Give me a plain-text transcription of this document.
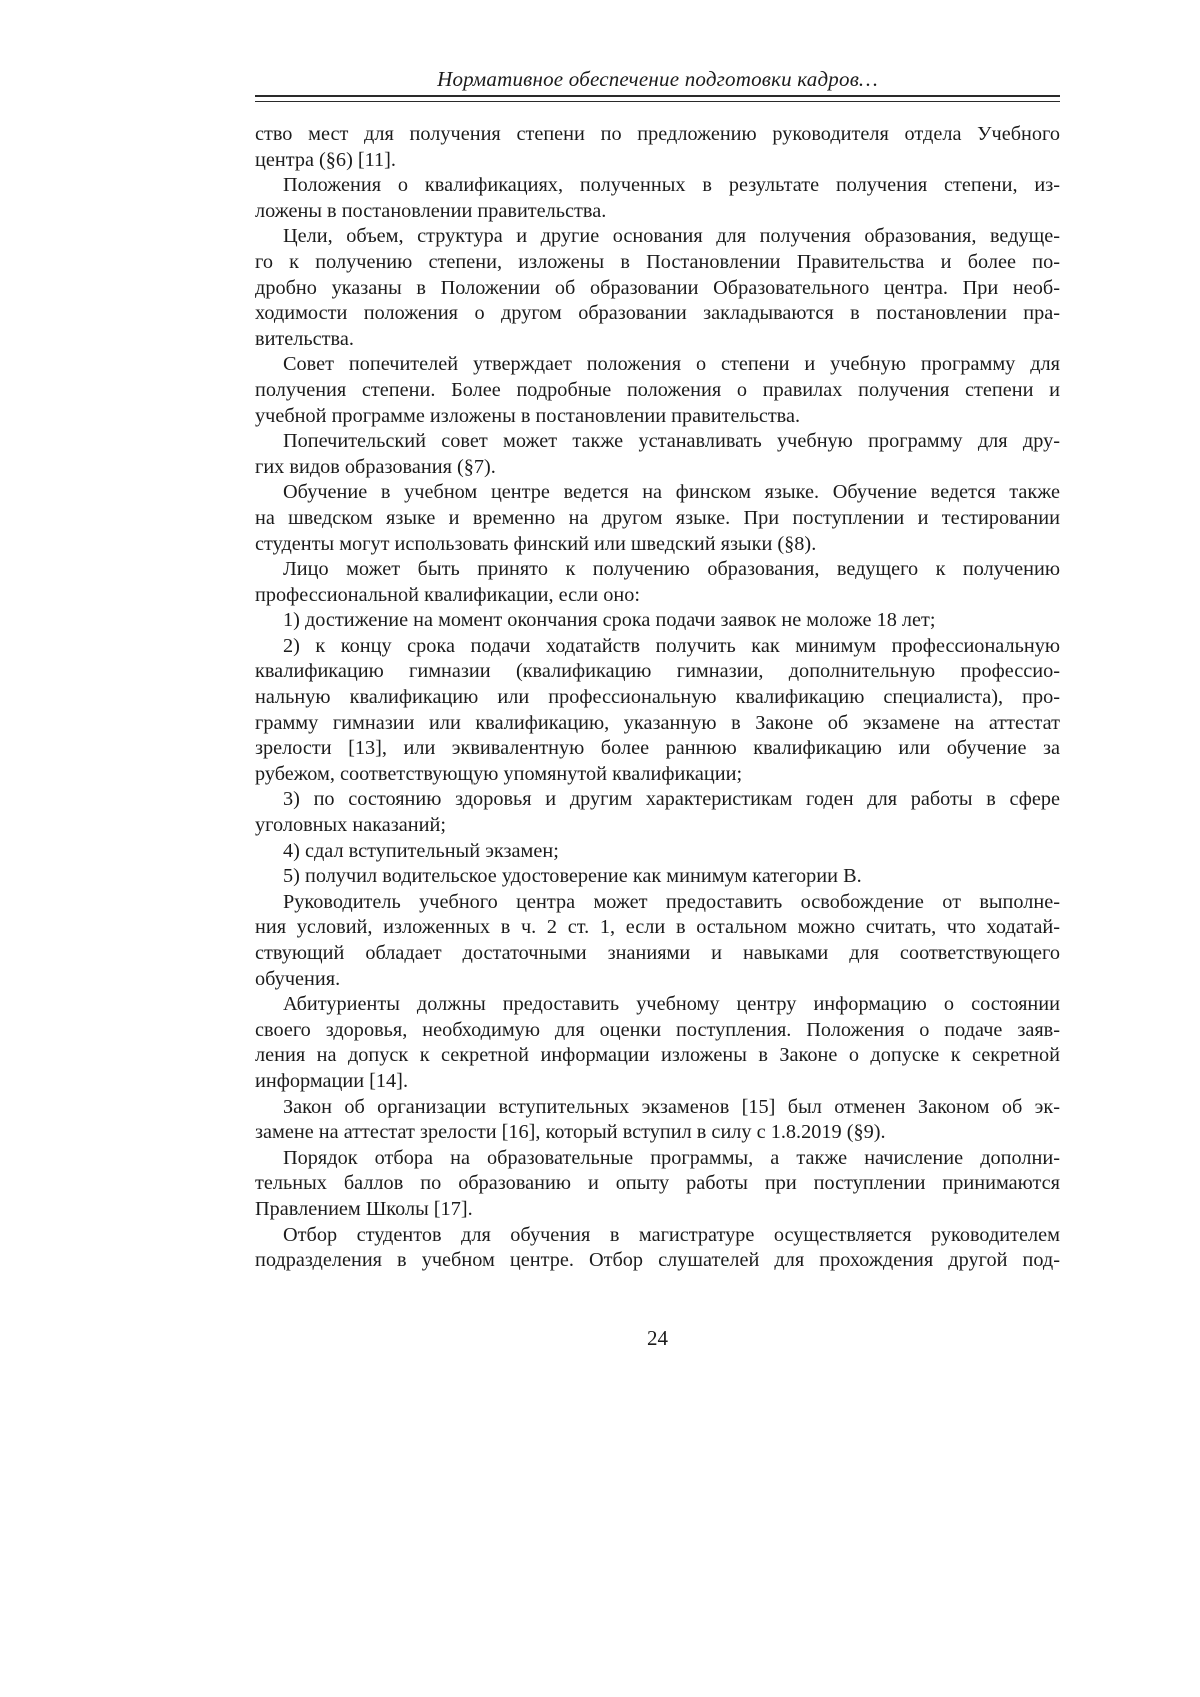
Нормативное обеспечение подготовки кадров…
ство мест для получения степени по предложению руководителя отдела Учебного
центра (§6) [11].
Положения о квалификациях, полученных в результате получения степени, из-
ложены в постановлении правительства.
Цели, объем, структура и другие основания для получения образования, ведуще-
го к получению степени, изложены в Постановлении Правительства и более по-
дробно указаны в Положении об образовании Образовательного центра. При необ-
ходимости положения о другом образовании закладываются в постановлении пра-
вительства.
Совет попечителей утверждает положения о степени и учебную программу для
получения степени. Более подробные положения о правилах получения степени и
учебной программе изложены в постановлении правительства.
Попечительский совет может также устанавливать учебную программу для дру-
гих видов образования (§7).
Обучение в учебном центре ведется на финском языке. Обучение ведется также
на шведском языке и временно на другом языке. При поступлении и тестировании
студенты могут использовать финский или шведский языки (§8).
Лицо может быть принято к получению образования, ведущего к получению
профессиональной квалификации, если оно:
1) достижение на момент окончания срока подачи заявок не моложе 18 лет;
2) к концу срока подачи ходатайств получить как минимум профессиональную
квалификацию гимназии (квалификацию гимназии, дополнительную профессио-
нальную квалификацию или профессиональную квалификацию специалиста), про-
грамму гимназии или квалификацию, указанную в Законе об экзамене на аттестат
зрелости [13], или эквивалентную более раннюю квалификацию или обучение за
рубежом, соответствующую упомянутой квалификации;
3) по состоянию здоровья и другим характеристикам годен для работы в сфере
уголовных наказаний;
4) сдал вступительный экзамен;
5) получил водительское удостоверение как минимум категории В.
Руководитель учебного центра может предоставить освобождение от выполне-
ния условий, изложенных в ч. 2 ст. 1, если в остальном можно считать, что ходатай-
ствующий обладает достаточными знаниями и навыками для соответствующего
обучения.
Абитуриенты должны предоставить учебному центру информацию о состоянии
своего здоровья, необходимую для оценки поступления. Положения о подаче заяв-
ления на допуск к секретной информации изложены в Законе о допуске к секретной
информации [14].
Закон об организации вступительных экзаменов [15] был отменен Законом об эк-
замене на аттестат зрелости [16], который вступил в силу с 1.8.2019 (§9).
Порядок отбора на образовательные программы, а также начисление дополни-
тельных баллов по образованию и опыту работы при поступлении принимаются
Правлением Школы [17].
Отбор студентов для обучения в магистратуре осуществляется руководителем
подразделения в учебном центре. Отбор слушателей для прохождения другой под-
24
